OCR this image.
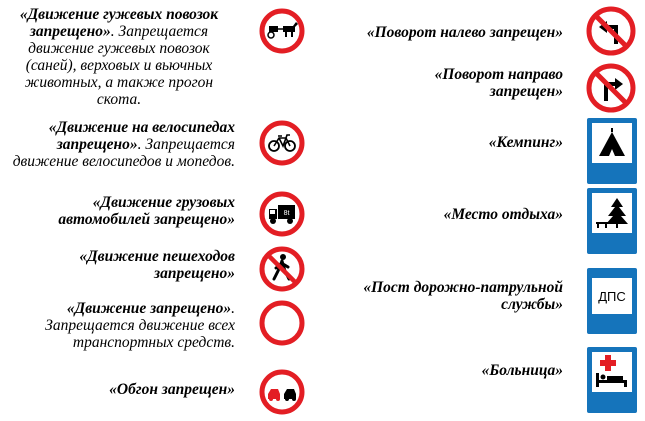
«Движение гужевых повозок запрещено». Запрещается движение гужевых повозок (саней), верховых и вьючных животных, а также прогон скота.
«Движение на велосипедах запрещено». Запрещается движение велосипедов и мопедов.
«Движение грузовых автомобилей запрещено»
«Движение пешеходов запрещено»
«Движение запрещено». Запрещается движение всех транспортных средств.
«Обгон запрещен»
8t
«Поворот налево запрещен»
«Поворот направо запрещен»
«Кемпинг»
«Место отдыха»
«Пост дорожно-патрульной службы»
«Больница»
ДПС
